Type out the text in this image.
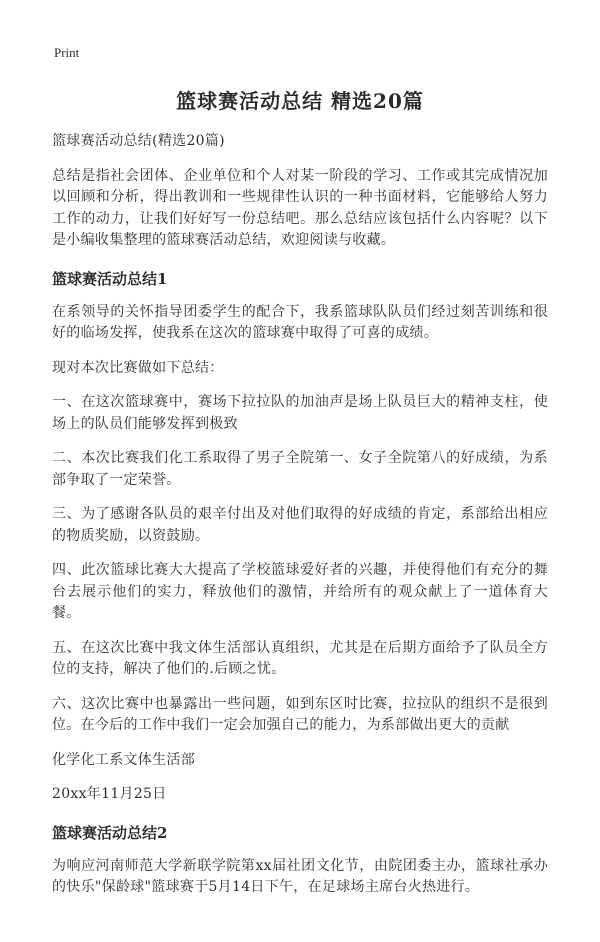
Print
篮球赛活动总结 精选20篇

篮球赛活动总结(精选20篇)

总结是指社会团体、企业单位和个人对某一阶段的学习、工作或其完成情况加以回顾和分析，得出教训和一些规律性认识的一种书面材料，它能够给人努力工作的动力，让我们好好写一份总结吧。那么总结应该包括什么内容呢？以下是小编收集整理的篮球赛活动总结，欢迎阅读与收藏。

篮球赛活动总结1

在系领导的关怀指导团委学生的配合下，我系篮球队队员们经过刻苦训练和很好的临场发挥，使我系在这次的篮球赛中取得了可喜的成绩。

现对本次比赛做如下总结：

一、在这次篮球赛中，赛场下拉拉队的加油声是场上队员巨大的精神支柱，使场上的队员们能够发挥到极致

二、本次比赛我们化工系取得了男子全院第一、女子全院第八的好成绩，为系部争取了一定荣誉。

三、为了感谢各队员的艰辛付出及对他们取得的好成绩的肯定，系部给出相应的物质奖励，以资鼓励。

四、此次篮球比赛大大提高了学校篮球爱好者的兴趣，并使得他们有充分的舞台去展示他们的实力，释放他们的激情，并给所有的观众献上了一道体育大餐。

五、在这次比赛中我文体生活部认真组织，尤其是在后期方面给予了队员全方位的支持，解决了他们的.后顾之忧。

六、这次比赛中也暴露出一些问题，如到东区时比赛，拉拉队的组织不是很到位。在今后的工作中我们一定会加强自己的能力，为系部做出更大的贡献

化学化工系文体生活部

20xx年11月25日

篮球赛活动总结2

为响应河南师范大学新联学院第xx届社团文化节，由院团委主办，篮球社承办的快乐"保龄球"篮球赛于5月14日下午，在足球场主席台火热进行。
